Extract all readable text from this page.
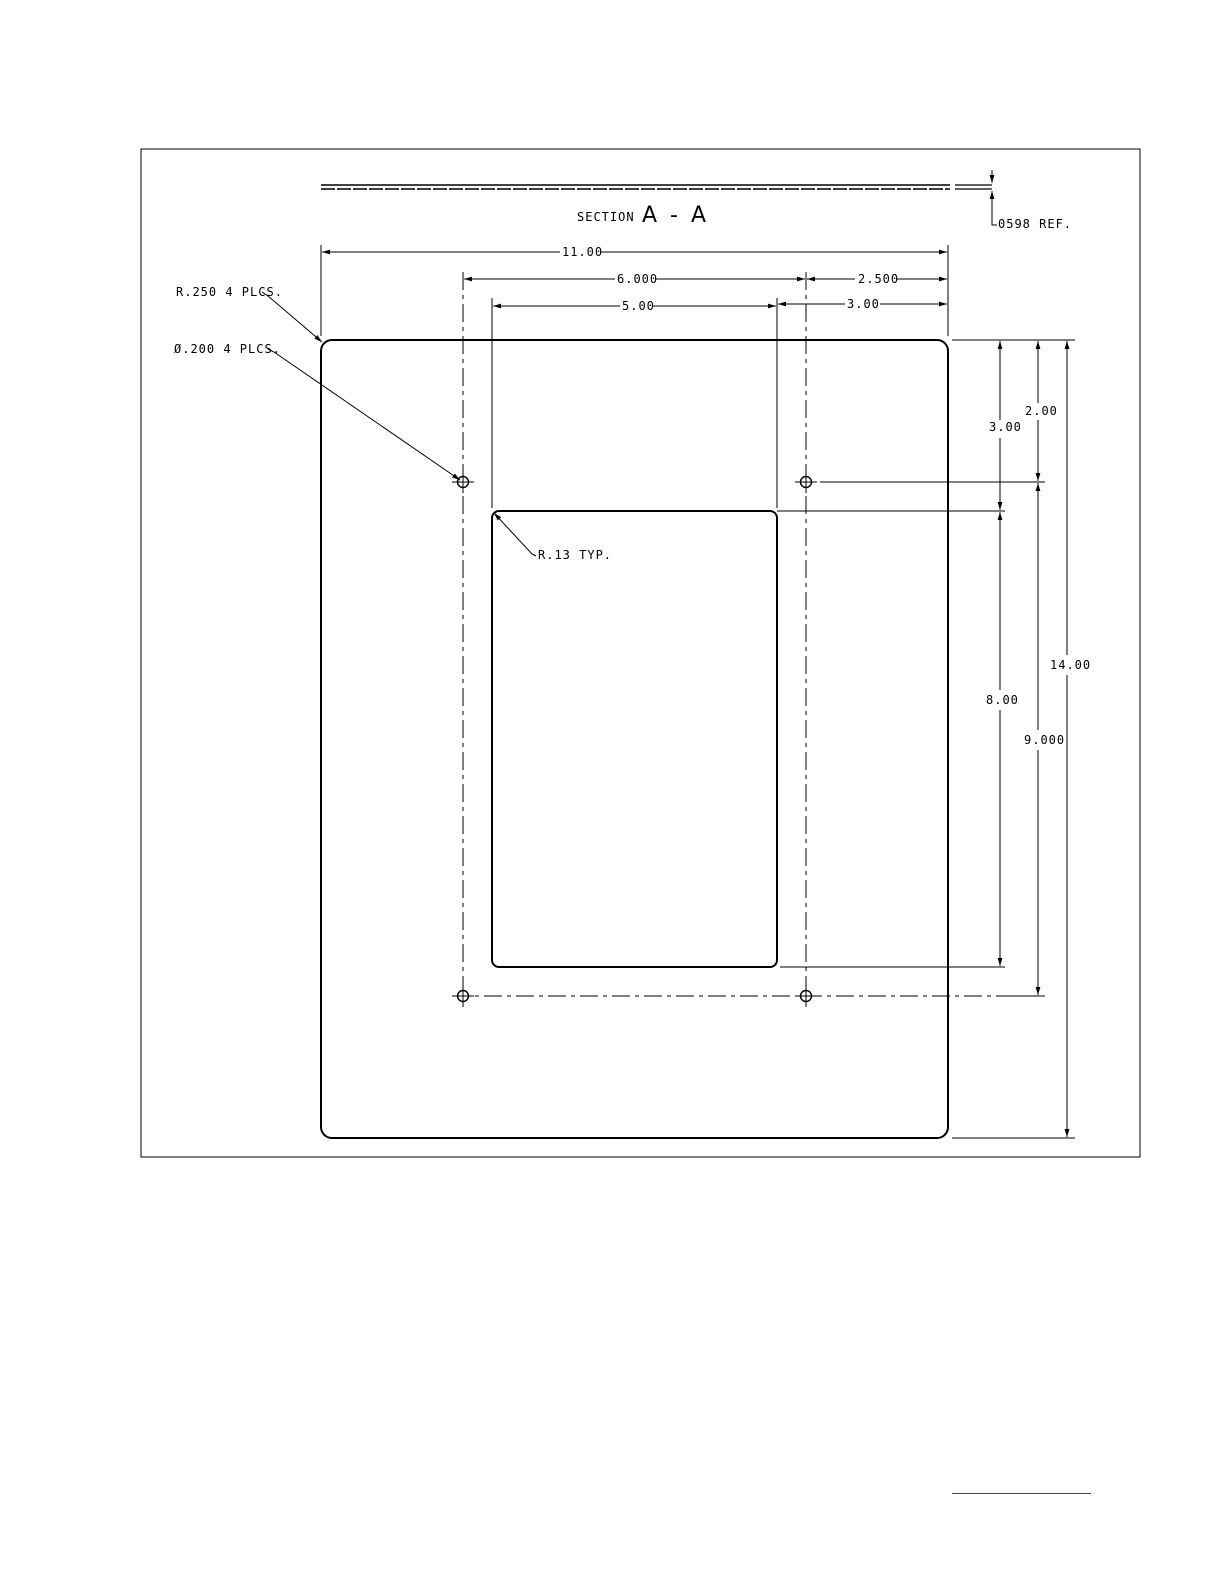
SECTION A - A	0598 REF.
11.00
6.000	2.500
5.00	3.00
2.00
3.00
8.00
14.00
9.000
R.250 4 PLCS.
Ø.200 4 PLCS.
R.13 TYP.
